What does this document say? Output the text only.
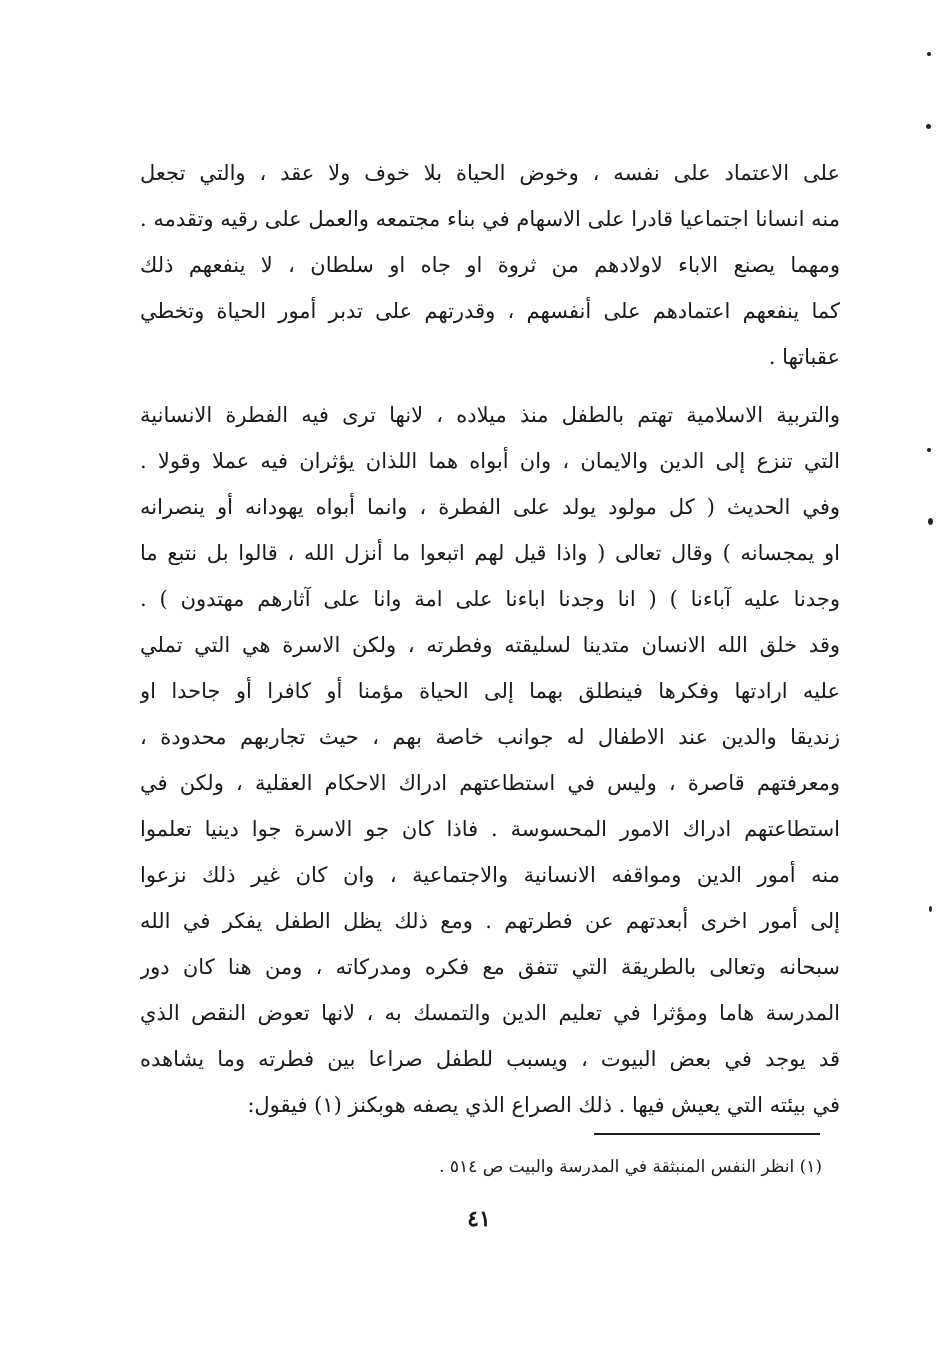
على الاعتماد على نفسه ، وخوض الحياة بلا خوف ولا عقد ، والتي تجعل
منه انسانا اجتماعيا قادرا على الاسهام في بناء مجتمعه والعمل على رقيه وتقدمه .
ومهما يصنع الاباء لاولادهم من ثروة او جاه او سلطان ، لا ينفعهم ذلك
كما ينفعهم اعتمادهم على أنفسهم ، وقدرتهم على تدبر أمور الحياة وتخطي
عقباتها .
والتربية الاسلامية تهتم بالطفل منذ ميلاده ، لانها ترى فيه الفطرة الانسانية
التي تنزع إلى الدين والايمان ، وان أبواه هما اللذان يؤثران فيه عملا وقولا .
وفي الحديث ( كل مولود يولد على الفطرة ، وانما أبواه يهودانه أو ينصرانه
او يمجسانه ) وقال تعالى ( واذا قيل لهم اتبعوا ما أنزل الله ، قالوا بل نتبع ما
وجدنا عليه آباءنا ) ( انا وجدنا اباءنا على امة وانا على آثارهم مهتدون ) .
وقد خلق الله الانسان متدينا لسليقته وفطرته ، ولكن الاسرة هي التي تملي
عليه ارادتها وفكرها فينطلق بهما إلى الحياة مؤمنا أو كافرا أو جاحدا او
زنديقا والدين عند الاطفال له جوانب خاصة بهم ، حيث تجاربهم محدودة ،
ومعرفتهم قاصرة ، وليس في استطاعتهم ادراك الاحكام العقلية ، ولكن في
استطاعتهم ادراك الامور المحسوسة . فاذا كان جو الاسرة جوا دينيا تعلموا
منه أمور الدين ومواقفه الانسانية والاجتماعية ، وان كان غير ذلك نزعوا
إلى أمور اخرى أبعدتهم عن فطرتهم . ومع ذلك يظل الطفل يفكر في الله
سبحانه وتعالى بالطريقة التي تتفق مع فكره ومدركاته ، ومن هنا كان دور
المدرسة هاما ومؤثرا في تعليم الدين والتمسك به ، لانها تعوض النقص الذي
قد يوجد في بعض البيوت ، ويسبب للطفل صراعا بين فطرته وما يشاهده
في بيئته التي يعيش فيها . ذلك الصراع الذي يصفه هوبكنز (١) فيقول:
(١) انظر النفس المنبثقة في المدرسة والبيت ص ٥١٤ .
٤١
